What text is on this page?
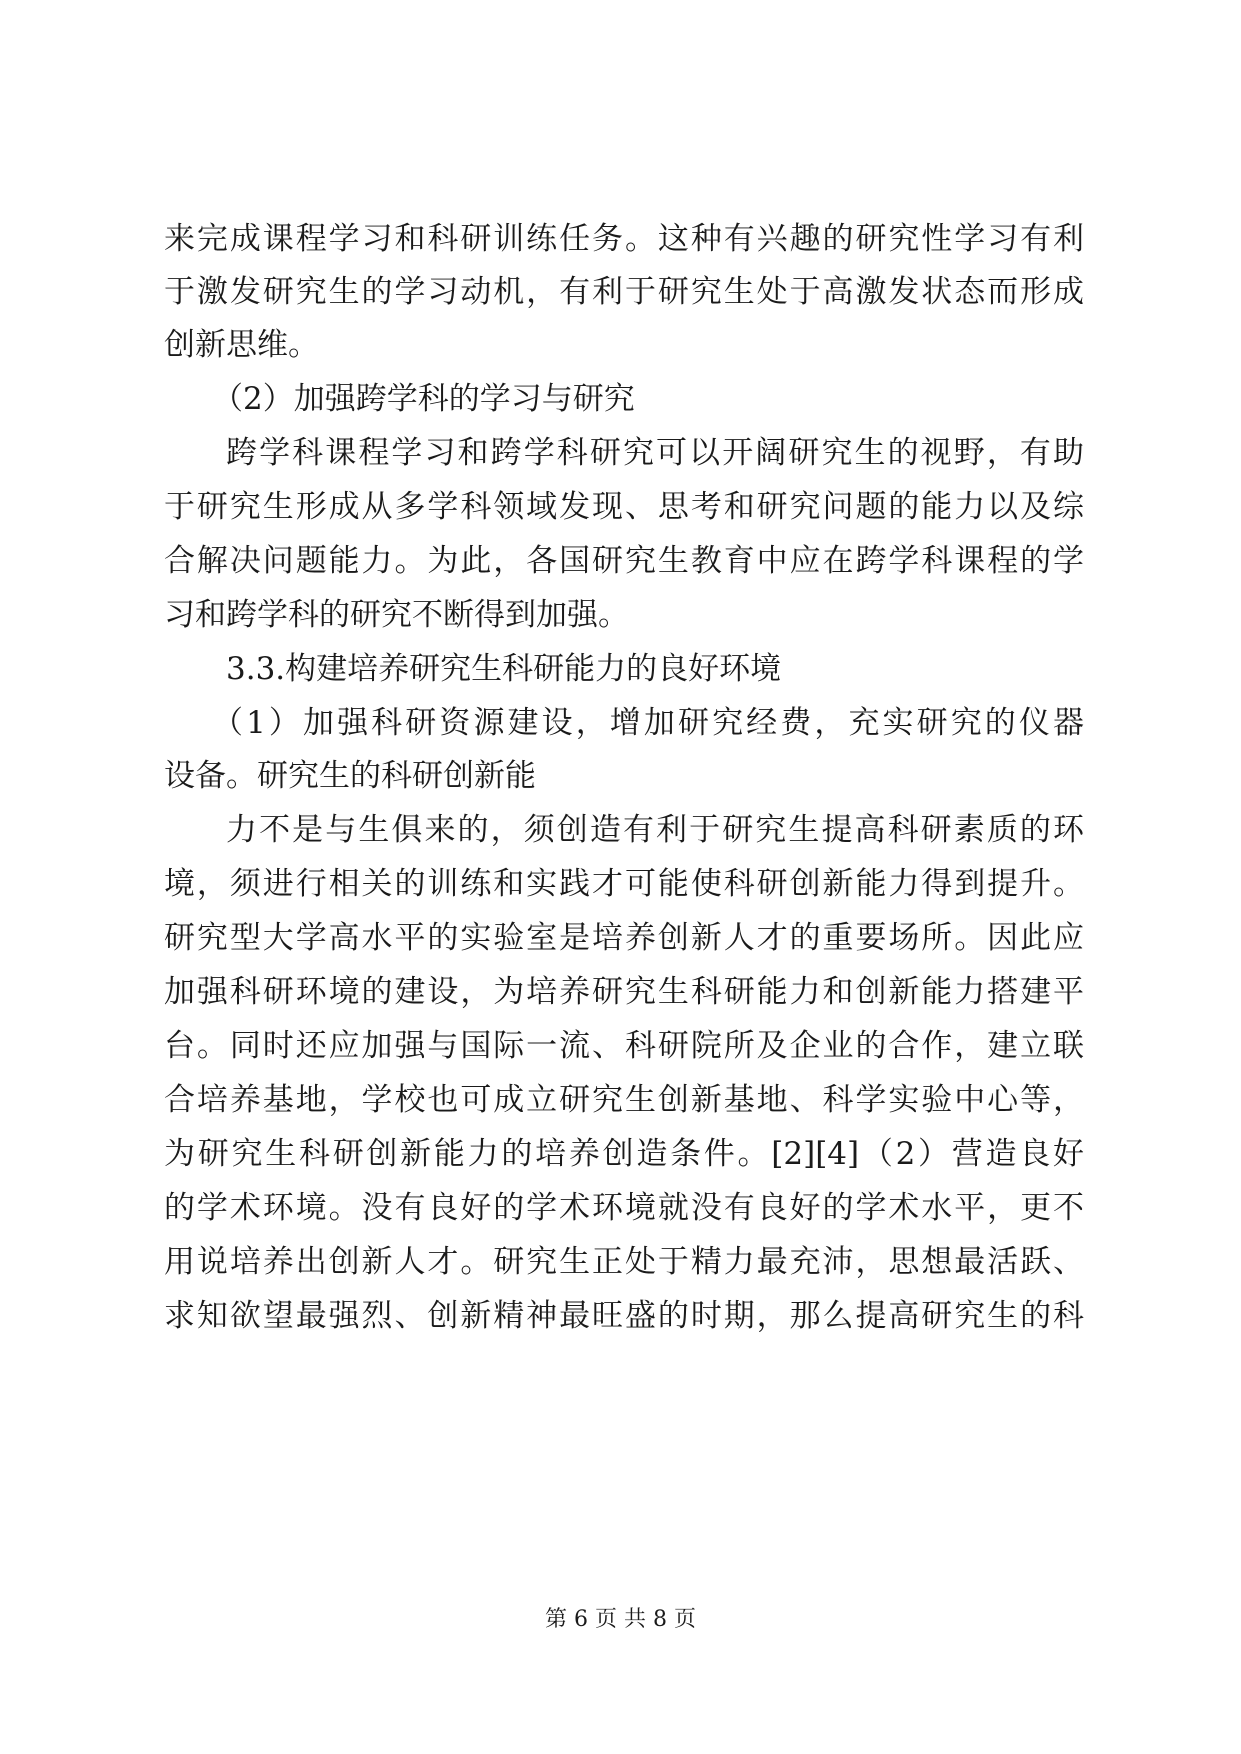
来完成课程学习和科研训练任务。这种有兴趣的研究性学习有利
于激发研究生的学习动机，有利于研究生处于高激发状态而形成
创新思维。
（2）加强跨学科的学习与研究
跨学科课程学习和跨学科研究可以开阔研究生的视野，有助
于研究生形成从多学科领域发现、思考和研究问题的能力以及综
合解决问题能力。为此，各国研究生教育中应在跨学科课程的学
习和跨学科的研究不断得到加强。
3.3.构建培养研究生科研能力的良好环境
（1）加强科研资源建设，增加研究经费，充实研究的仪器
设备。研究生的科研创新能
力不是与生俱来的，须创造有利于研究生提高科研素质的环
境，须进行相关的训练和实践才可能使科研创新能力得到提升。
研究型大学高水平的实验室是培养创新人才的重要场所。因此应
加强科研环境的建设，为培养研究生科研能力和创新能力搭建平
台。同时还应加强与国际一流、科研院所及企业的合作，建立联
合培养基地，学校也可成立研究生创新基地、科学实验中心等，
为研究生科研创新能力的培养创造条件。[2][4]（2）营造良好
的学术环境。没有良好的学术环境就没有良好的学术水平，更不
用说培养出创新人才。研究生正处于精力最充沛，思想最活跃、
求知欲望最强烈、创新精神最旺盛的时期，那么提高研究生的科
第 6 页 共 8 页
